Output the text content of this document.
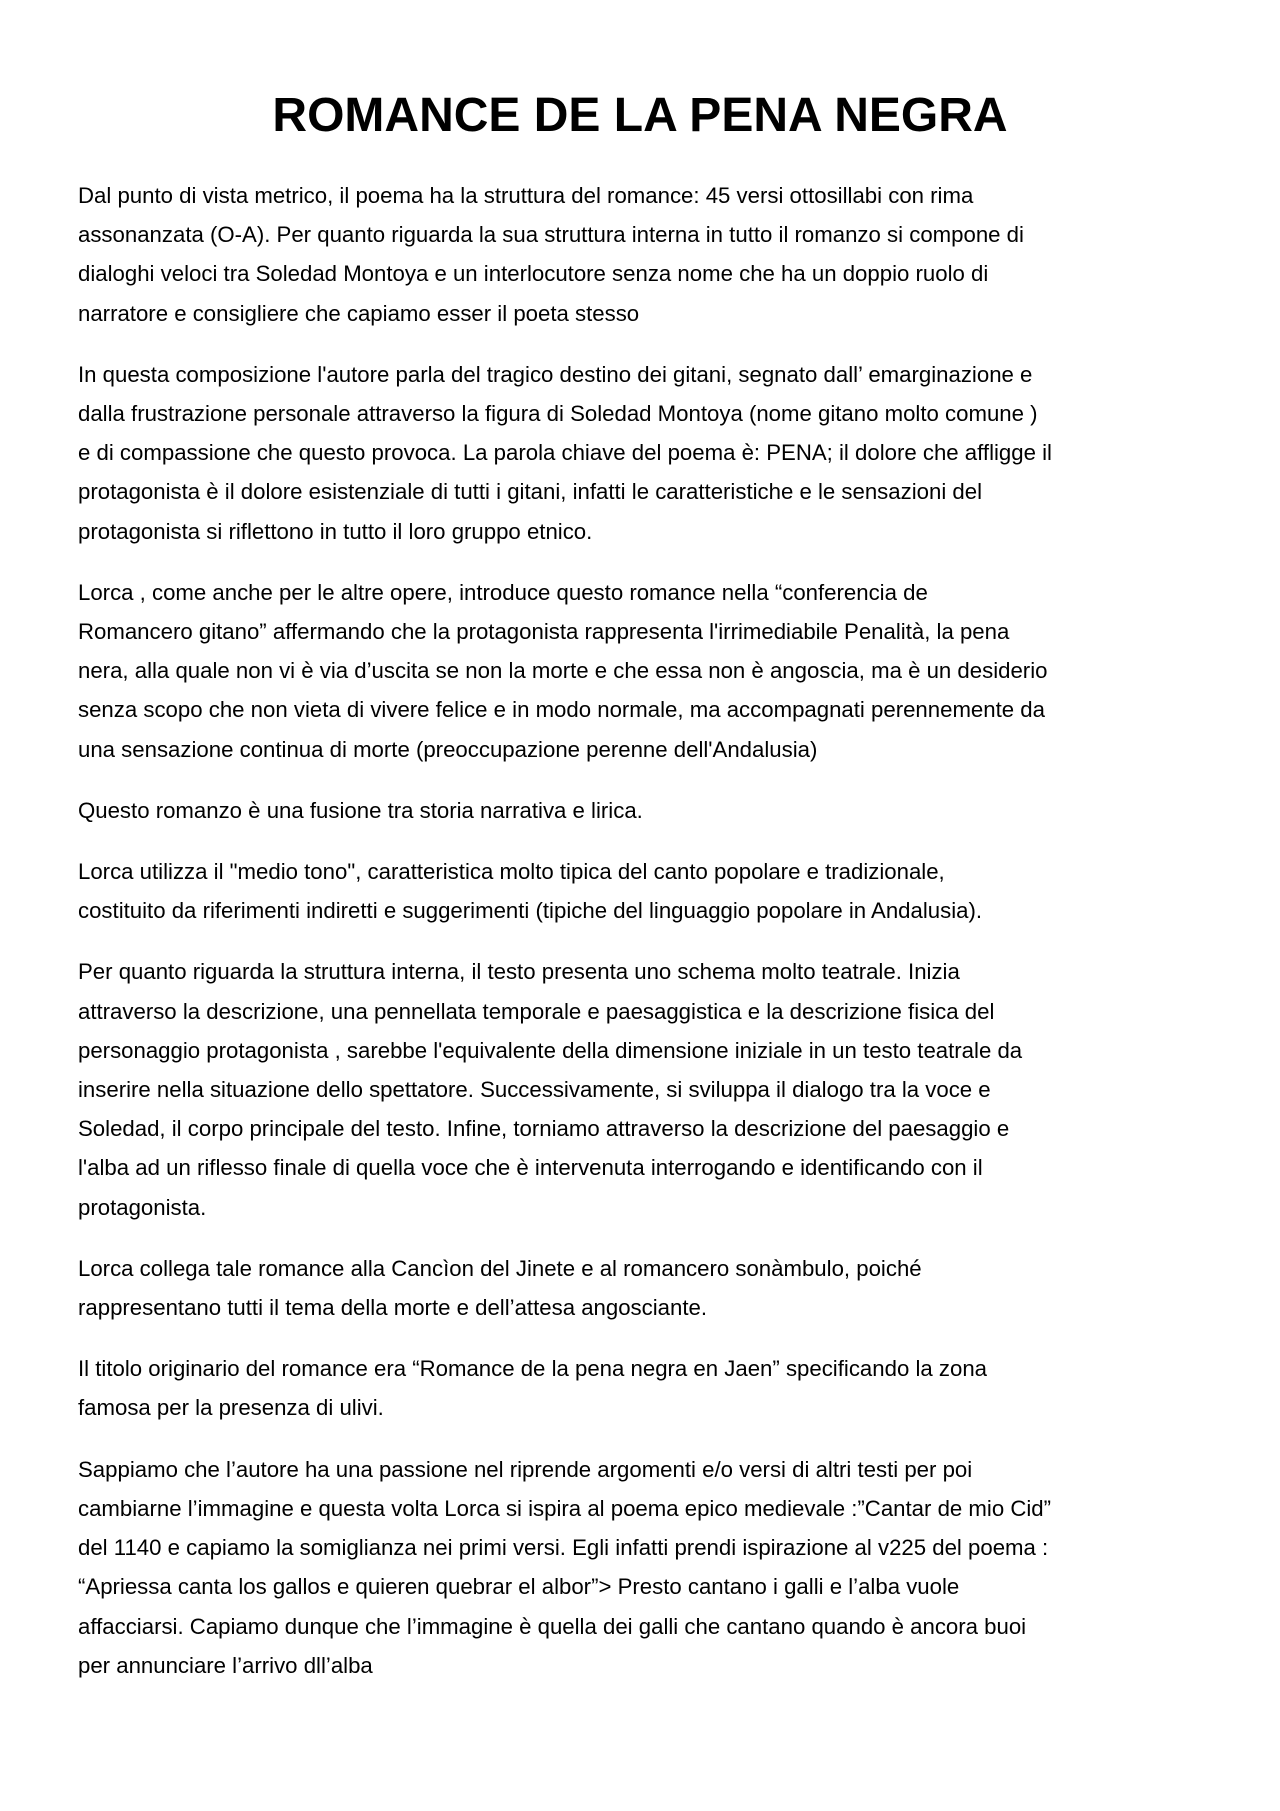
ROMANCE DE LA PENA NEGRA

Dal punto di vista metrico, il poema ha la struttura del romance: 45 versi ottosillabi con rima
assonanzata (O-A). Per quanto riguarda la sua struttura interna in tutto il romanzo si compone di
dialoghi veloci tra Soledad Montoya e un interlocutore senza nome che ha un doppio ruolo di
narratore e consigliere che capiamo esser il poeta stesso

In questa composizione l'autore parla del tragico destino dei gitani, segnato dall’ emarginazione e
dalla frustrazione personale attraverso la figura di Soledad Montoya (nome gitano molto comune )
e di compassione che questo provoca. La parola chiave del poema è: PENA; il dolore che affligge il
protagonista è il dolore esistenziale di tutti i gitani, infatti le caratteristiche e le sensazioni del
protagonista si riflettono in tutto il loro gruppo etnico.

Lorca , come anche per le altre opere, introduce questo romance nella “conferencia de
Romancero gitano” affermando che la protagonista rappresenta l'irrimediabile Penalità, la pena
nera, alla quale non vi è via d’uscita se non la morte e che essa non è angoscia, ma è un desiderio
senza scopo che non vieta di vivere felice e in modo normale, ma accompagnati perennemente da
una sensazione continua di morte (preoccupazione perenne dell'Andalusia)

Questo romanzo è una fusione tra storia narrativa e lirica.

Lorca utilizza il "medio tono", caratteristica molto tipica del canto popolare e tradizionale,
costituito da riferimenti indiretti e suggerimenti (tipiche del linguaggio popolare in Andalusia).

Per quanto riguarda la struttura interna, il testo presenta uno schema molto teatrale. Inizia
attraverso la descrizione, una pennellata temporale e paesaggistica e la descrizione fisica del
personaggio protagonista , sarebbe l'equivalente della dimensione iniziale in un testo teatrale da
inserire nella situazione dello spettatore. Successivamente, si sviluppa il dialogo tra la voce e
Soledad, il corpo principale del testo. Infine, torniamo attraverso la descrizione del paesaggio e
l'alba ad un riflesso finale di quella voce che è intervenuta interrogando e identificando con il
protagonista.

Lorca collega tale romance alla Cancìon del Jinete e al romancero sonàmbulo, poiché
rappresentano tutti il tema della morte e dell’attesa angosciante.

Il titolo originario del romance era “Romance de la pena negra en Jaen” specificando la zona
famosa per la presenza di ulivi.

Sappiamo che l’autore ha una passione nel riprende argomenti e/o versi di altri testi per poi
cambiarne l’immagine e questa volta Lorca si ispira al poema epico medievale :”Cantar de mio Cid”
del 1140 e capiamo la somiglianza nei primi versi. Egli infatti prendi ispirazione al v225 del poema :
“Apriessa canta los gallos e quieren quebrar el albor”> Presto cantano i galli e l’alba vuole
affacciarsi. Capiamo dunque che l’immagine è quella dei galli che cantano quando è ancora buoi
per annunciare l’arrivo dll’alba
